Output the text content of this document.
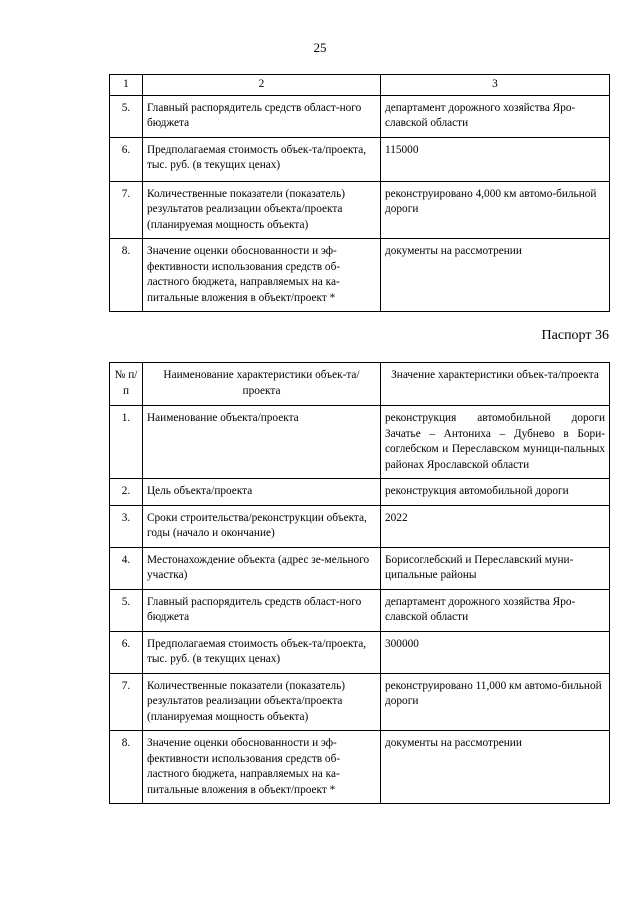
25
1	2	3
5.	Главный распорядитель средств област-ного бюджета	департамент дорожного хозяйства Яро-славской области
6.	Предполагаемая стоимость объек-та/проекта, тыс. руб. (в текущих ценах)	115000
7.	Количественные показатели (показатель) результатов реализации объекта/проекта (планируемая мощность объекта)	реконструировано 4,000 км автомо-бильной дороги
8.	Значение оценки обоснованности и эф-фективности использования средств об-ластного бюджета, направляемых на ка-питальные вложения в объект/проект *	документы на рассмотрении
Паспорт 36
№ п/п	Наименование характеристики объек-та/проекта	Значение характеристики объек-та/проекта
1.	Наименование объекта/проекта	реконструкция автомобильной дороги Зачатье – Антониха – Дубнево в Бори-соглебском и Переславском муници-пальных районах Ярославской области
2.	Цель объекта/проекта	реконструкция автомобильной дороги
3.	Сроки строительства/реконструкции объекта, годы (начало и окончание)	2022
4.	Местонахождение объекта (адрес зе-мельного участка)	Борисоглебский и Переславский муни-ципальные районы
5.	Главный распорядитель средств област-ного бюджета	департамент дорожного хозяйства Яро-славской области
6.	Предполагаемая стоимость объек-та/проекта, тыс. руб. (в текущих ценах)	300000
7.	Количественные показатели (показатель) результатов реализации объекта/проекта (планируемая мощность объекта)	реконструировано 11,000 км автомо-бильной дороги
8.	Значение оценки обоснованности и эф-фективности использования средств об-ластного бюджета, направляемых на ка-питальные вложения в объект/проект *	документы на рассмотрении
